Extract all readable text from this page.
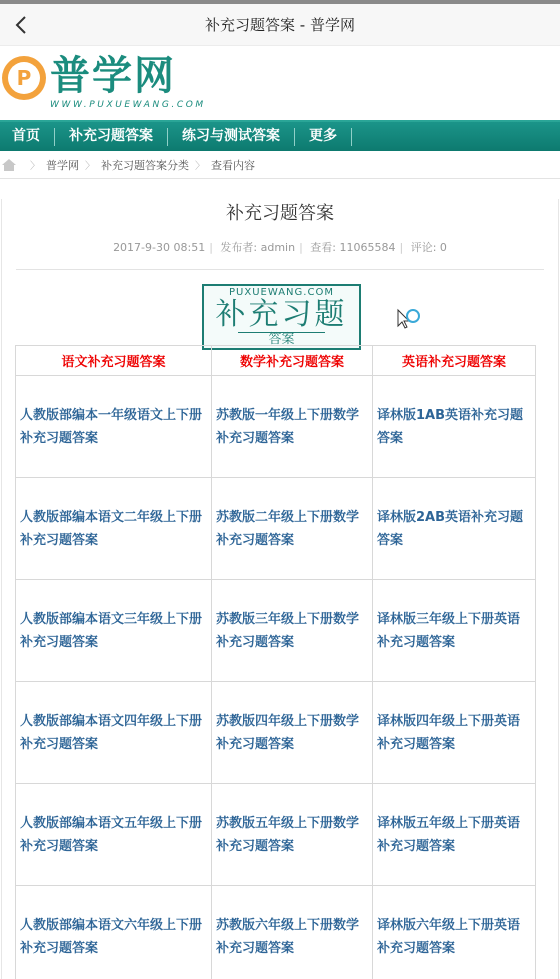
补充习题答案 - 普学网
P 普学网
WWW.PUXUEWANG.COM
首页	补充习题答案	练习与测试答案	更多
〉 普学网 〉 补充习题答案分类 〉 查看内容
补充习题答案
2017-9-30 08:51 | 发布者: admin | 查看: 11065584 | 评论: 0
PUXUEWANG.COM
补充习题
答案
语文补充习题答案	数学补充习题答案	英语补充习题答案

人教版部编本一年级语文上下册补充习题答案	苏教版一年级上下册数学补充习题答案	译林版1AB英语补充习题答案

人教版部编本语文二年级上下册补充习题答案	苏教版二年级上下册数学补充习题答案	译林版2AB英语补充习题答案

人教版部编本语文三年级上下册补充习题答案	苏教版三年级上下册数学补充习题答案	译林版三年级上下册英语补充习题答案

人教版部编本语文四年级上下册补充习题答案	苏教版四年级上下册数学补充习题答案	译林版四年级上下册英语补充习题答案

人教版部编本语文五年级上下册补充习题答案	苏教版五年级上下册数学补充习题答案	译林版五年级上下册英语补充习题答案

人教版部编本语文六年级上下册补充习题答案	苏教版六年级上下册数学补充习题答案	译林版六年级上下册英语补充习题答案
